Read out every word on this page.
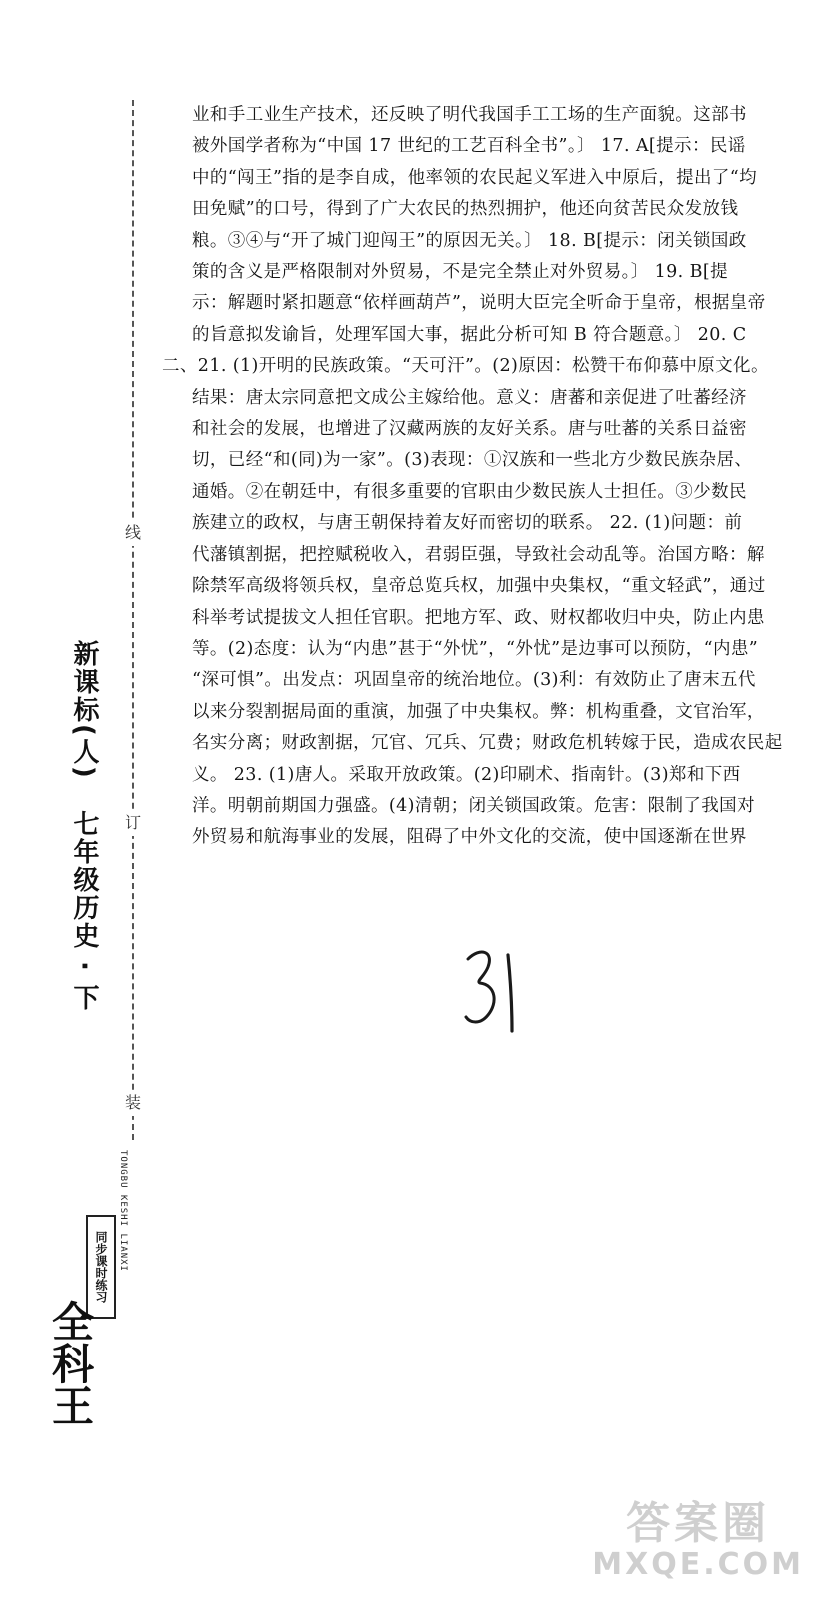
线
订
装
新课标(人)
七年级历史 · 下
TONGBU KESHI LIANXI
同步课时练习
全科王
业和手工业生产技术，还反映了明代我国手工工场的生产面貌。这部书
被外国学者称为“中国 17 世纪的工艺百科全书”。〕 17. A[提示：民谣
中的“闯王”指的是李自成，他率领的农民起义军进入中原后，提出了“均
田免赋”的口号，得到了广大农民的热烈拥护，他还向贫苦民众发放钱
粮。③④与“开了城门迎闯王”的原因无关。〕 18. B[提示：闭关锁国政
策的含义是严格限制对外贸易，不是完全禁止对外贸易。〕 19. B[提
示：解题时紧扣题意“依样画葫芦”，说明大臣完全听命于皇帝，根据皇帝
的旨意拟发谕旨，处理军国大事，据此分析可知 B 符合题意。〕 20. C
二、21. (1)开明的民族政策。“天可汗”。(2)原因：松赞干布仰慕中原文化。
结果：唐太宗同意把文成公主嫁给他。意义：唐蕃和亲促进了吐蕃经济
和社会的发展，也增进了汉藏两族的友好关系。唐与吐蕃的关系日益密
切，已经“和(同)为一家”。(3)表现：①汉族和一些北方少数民族杂居、
通婚。②在朝廷中，有很多重要的官职由少数民族人士担任。③少数民
族建立的政权，与唐王朝保持着友好而密切的联系。 22. (1)问题：前
代藩镇割据，把控赋税收入，君弱臣强，导致社会动乱等。治国方略：解
除禁军高级将领兵权，皇帝总览兵权，加强中央集权，“重文轻武”，通过
科举考试提拔文人担任官职。把地方军、政、财权都收归中央，防止内患
等。(2)态度：认为“内患”甚于“外忧”，“外忧”是边事可以预防，“内患”
“深可惧”。出发点：巩固皇帝的统治地位。(3)利：有效防止了唐末五代
以来分裂割据局面的重演，加强了中央集权。弊：机构重叠，文官治军，
名实分离；财政割据，冗官、冗兵、冗费；财政危机转嫁于民，造成农民起
义。 23. (1)唐人。采取开放政策。(2)印刷术、指南针。(3)郑和下西
洋。明朝前期国力强盛。(4)清朝；闭关锁国政策。危害：限制了我国对
外贸易和航海事业的发展，阻碍了中外文化的交流，使中国逐渐在世界
答案圈
MXQE.COM
